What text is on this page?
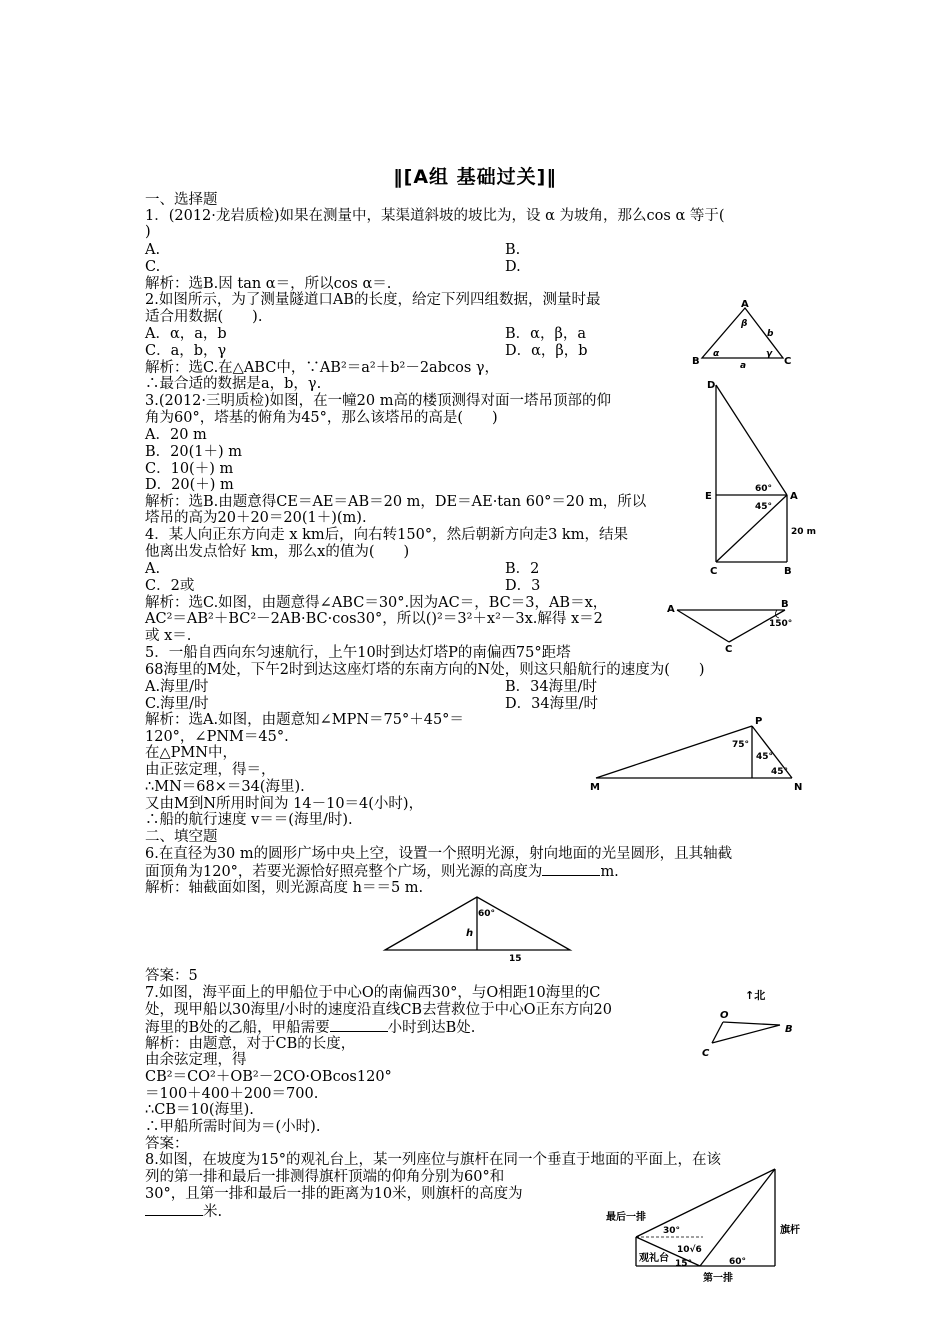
‖[A组 基础过关]‖
一、选择题
1．(2012·龙岩质检)如果在测量中，某渠道斜坡的坡比为，设 α 为坡角，那么cos α 等于(
)
A.	B.
C.	D.
解析：选B.因 tan α＝，所以cos α＝.
2.如图所示，为了测量隧道口AB的长度，给定下列四组数据，测量时最
适合用数据(　　).
A．α，a，b	B．α，β，a
C．a，b，γ	D．α，β，b
解析：选C.在△ABC中，∵AB²＝a²＋b²－2abcos γ，
∴最合适的数据是a，b，γ.
3.(2012·三明质检)如图，在一幢20 m高的楼顶测得对面一塔吊顶部的仰
角为60°，塔基的俯角为45°，那么该塔吊的高是(　　)
A．20 m
B．20(1＋) m
C．10(＋) m
D．20(＋) m
解析：选B.由题意得CE＝AE＝AB＝20 m，DE＝AE·tan 60°＝20 m，所以
塔吊的高为20＋20＝20(1＋)(m).
4．某人向正东方向走 x km后，向右转150°，然后朝新方向走3 km，结果
他离出发点恰好 km，那么x的值为(　　)
A.	B．2
C．2或	D．3
解析：选C.如图，由题意得∠ABC＝30°.因为AC＝，BC＝3，AB＝x，
AC²＝AB²＋BC²－2AB·BC·cos30°，所以()²＝3²＋x²－3x.解得 x＝2
或 x＝.
5．一船自西向东匀速航行，上午10时到达灯塔P的南偏西75°距塔
68海里的M处，下午2时到达这座灯塔的东南方向的N处，则这只船航行的速度为(　　)
A.海里/时	B．34海里/时
C.海里/时	D．34海里/时
解析：选A.如图，由题意知∠MPN＝75°＋45°＝
120°，∠PNM＝45°.
在△PMN中，
由正弦定理，得＝，
∴MN＝68×＝34(海里).
又由M到N所用时间为 14－10＝4(小时)，
∴船的航行速度 v＝＝(海里/时).
二、填空题
6.在直径为30 m的圆形广场中央上空，设置一个照明光源，射向地面的光呈圆形，且其轴截
面顶角为120°，若要光源恰好照亮整个广场，则光源的高度为	m.
解析：轴截面如图，则光源高度 h＝＝5 m.
答案：5
7.如图，海平面上的甲船位于中心O的南偏西30°，与O相距10海里的C
处，现甲船以30海里/小时的速度沿直线CB去营救位于中心O正东方向20
海里的B处的乙船，甲船需要	小时到达B处.
解析：由题意，对于CB的长度，
由余弦定理，得
CB²＝CO²＋OB²－2CO·OBcos120°
＝100＋400＋200＝700.
∴CB＝10(海里).
∴甲船所需时间为＝(小时).
答案：
8.如图，在坡度为15°的观礼台上，某一列座位与旗杆在同一个垂直于地面的平面上，在该
列的第一排和最后一排测得旗杆顶端的仰角分别为60°和
30°，且第一排和最后一排的距离为10米，则旗杆的高度为
米.
A
B	C
β
α	γ
a
b
D
E	A
C	B
60°
45°
20 m
A	B
C
150°
P
M	N
75°
45°
45°
60°
h
15
↑北
O
B
C
最后一排
第一排
旗杆
观礼台
30°
60°
15°
10√6
